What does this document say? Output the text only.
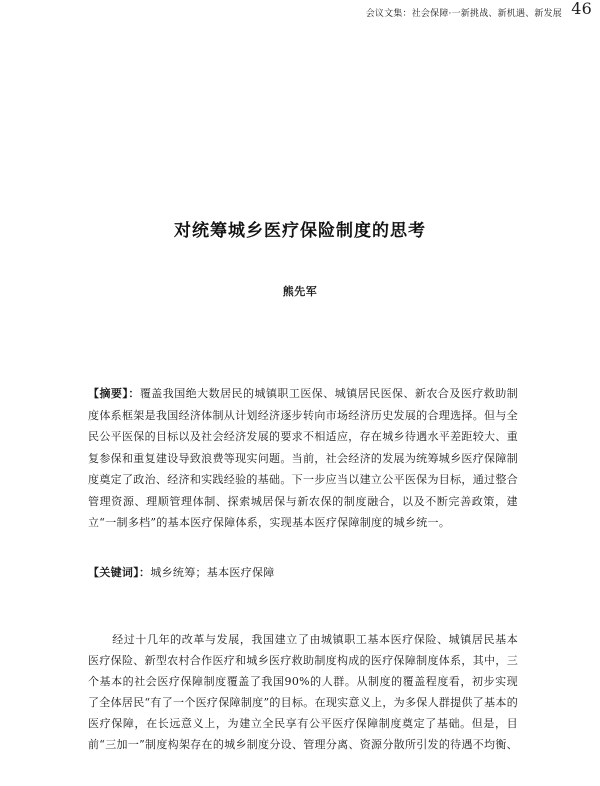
会议文集：社会保障·一新挑战、新机遇、新发展 46
对统筹城乡医疗保险制度的思考
熊先军
【摘要】：覆盖我国绝大数居民的城镇职工医保、城镇居民医保、新农合及医疗救助制度体系框架是我国经济体制从计划经济逐步转向市场经济历史发展的合理选择。但与全民公平医保的目标以及社会经济发展的要求不相适应，存在城乡待遇水平差距较大、重复参保和重复建设导致浪费等现实问题。当前，社会经济的发展为统筹城乡医疗保障制度奠定了政治、经济和实践经验的基础。下一步应当以建立公平医保为目标，通过整合管理资源、理顺管理体制、探索城居保与新农保的制度融合，以及不断完善政策，建立“一制多档”的基本医疗保障体系，实现基本医疗保障制度的城乡统一。
【关键词】：城乡统筹；基本医疗保障

经过十几年的改革与发展，我国建立了由城镇职工基本医疗保险、城镇居民基本医疗保险、新型农村合作医疗和城乡医疗救助制度构成的医疗保障制度体系，其中，三个基本的社会医疗保障制度覆盖了我国90%的人群。从制度的覆盖程度看，初步实现了全体居民“有了一个医疗保障制度”的目标。在现实意义上，为多保人群提供了基本的医疗保障，在长远意义上，为建立全民享有公平医疗保障制度奠定了基础。但是，目前“三加一”制度构架存在的城乡制度分设、管理分离、资源分散所引发的待遇不均衡、
